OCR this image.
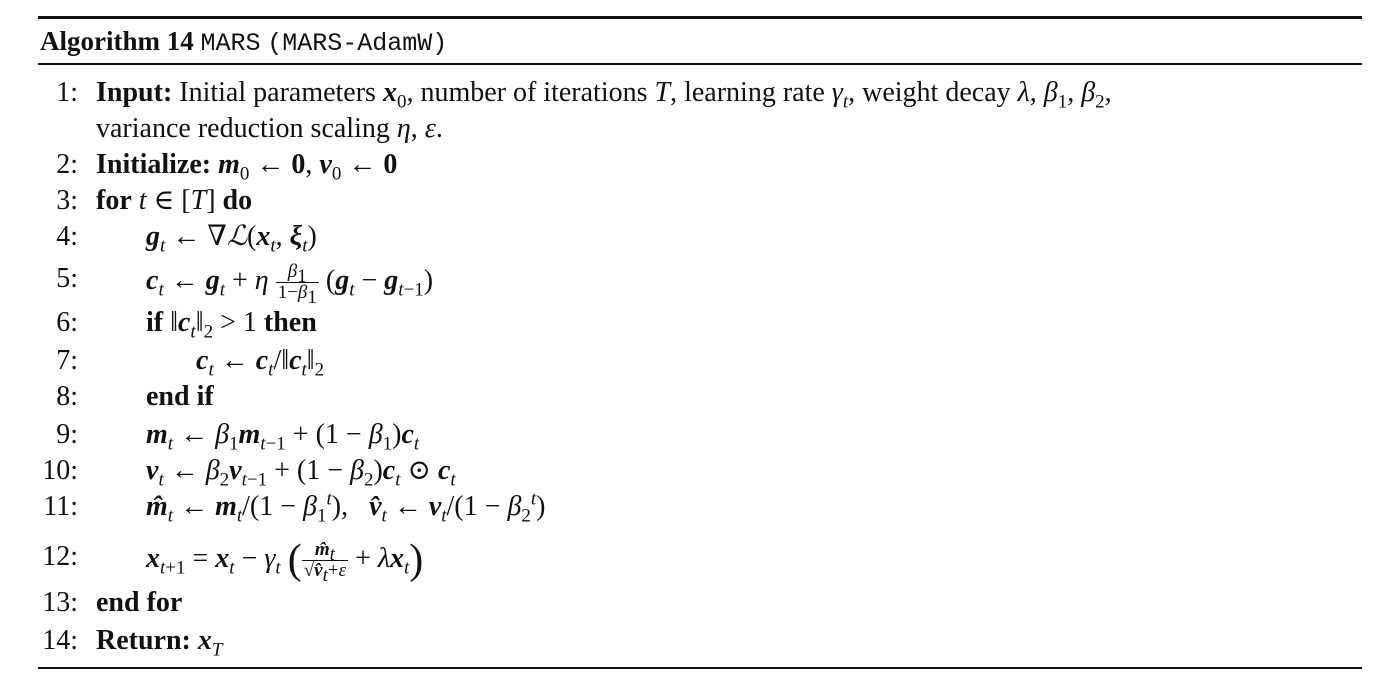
Algorithm 14 MARS (MARS-AdamW)
1: Input: Initial parameters $x_0$, number of iterations T, learning rate $\gamma_t$, weight decay λ, $\beta_1$, $\beta_2$,
variance reduction scaling η, ε.
2: Initialize: $m_0$ ← 0, $v_0$ ← 0
3: for t ∈ [T] do
4: $g_t$ ← $\nabla ℒ(x_t$, $\xi_t$)
5: $c_t$ ← $g_t + \eta \frac{\beta_1}{1-\beta_1} (g_t - g_{t-1})$
6: if $‖c_t‖_2 > 1$ then
7:	$c_t$ ← $c_t/‖c_t‖_2$
8: end if
9: $m_t$ ← $\beta_1m_{t-1} + (1 - \beta_1)c_t$
10: $v_t$ ← $\beta_2v_{t-1} + (1 - \beta_2)c_t$ ⊙ $c_t$
11: $m̂_t$ ← $m_t/(1 - \beta_1^t)$,   $v̂_t$ ← $v_t/(1 - \beta_2^t)$
12: $x_{t+1} = x_t - \gamma_t$ ( $\frac{m̂_t}{√v̂_t+\varepsilon} + \lambda x_t$)
13: end for
14: Return: $x_T$
